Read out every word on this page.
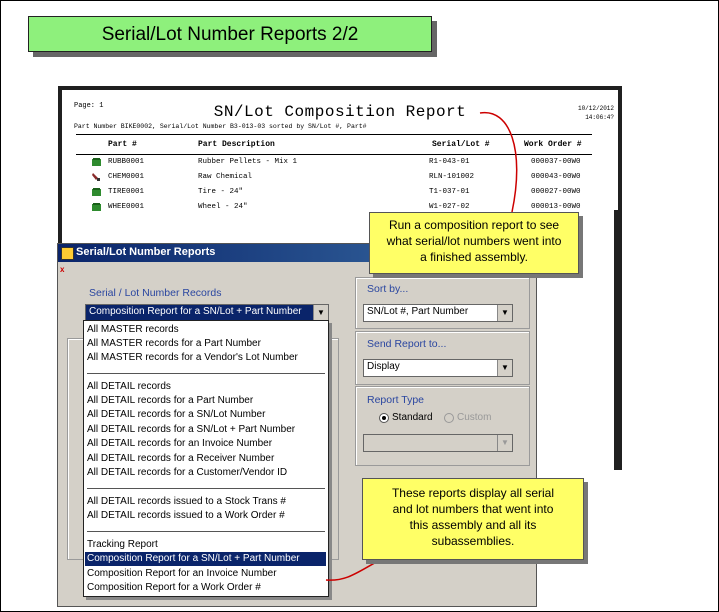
Serial/Lot Number Reports 2/2
Page: 1	SN/Lot Composition Report	10/12/2012
14:06:4?
Part Number BIKE0002, Serial/Lot Number B3-013-03 sorted by SN/Lot #, Part#
Part #	Part Description	Serial/Lot #	Work Order #
RUBB0001	Rubber Pellets - Mix 1	R1-043-01	000037-00W0
CHEM0001	Raw Chemical	RLN-101002	000043-00W0
TIRE0001	Tire - 24"	T1-037-01	000027-00W0
WHEE0001	Wheel - 24"	W1-027-02	000013-00W0
Serial/Lot Number Reports
x
Serial / Lot Number Records
Composition Report for a SN/Lot + Part Number	▼
Sort by...
SN/Lot #, Part Number	▼
Send Report to...
Display	▼
Report Type
Standard Custom
▼
All MASTER records
All MASTER records for a Part Number
All MASTER records for a Vendor's Lot Number
All DETAIL records
All DETAIL records for a Part Number
All DETAIL records for a SN/Lot Number
All DETAIL records for a SN/Lot + Part Number
All DETAIL records for an Invoice Number
All DETAIL records for a Receiver Number
All DETAIL records for a Customer/Vendor ID
All DETAIL records issued to a Stock Trans #
All DETAIL records issued to a Work Order #
Tracking Report
Composition Report for a SN/Lot + Part Number
Composition Report for an Invoice Number
Composition Report for a Work Order #
Run a composition report to see
what serial/lot numbers went into
a finished assembly.
These reports display all serial
and lot numbers that went into
this assembly and all its
subassemblies.
